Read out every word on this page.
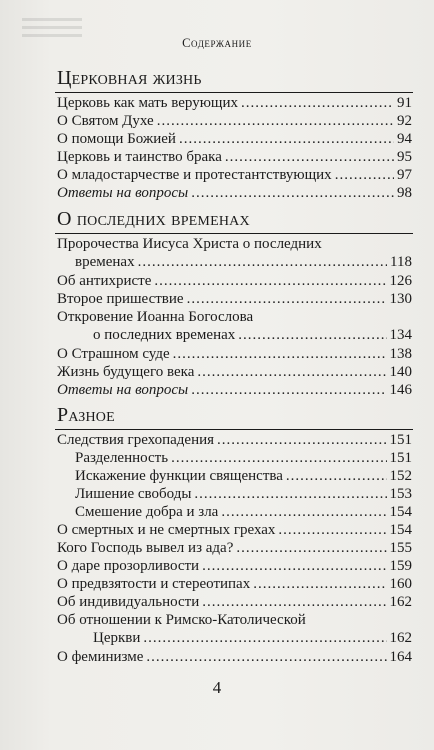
Содержание
Церковная жизнь
Церковь как мать верующих .....	91
О Святом Духе .....	92
О помощи Божией .....	94
Церковь и таинство брака .....	95
О младостарчестве и протестантствующих .....	97
Ответы на вопросы .....	98
О последних временах
Пророчества Иисуса Христа о последних
временах .....	118
Об антихристе .....	126
Второе пришествие .....	130
Откровение Иоанна Богослова
о последних временах .....	134
О Страшном суде .....	138
Жизнь будущего века .....	140
Ответы на вопросы .....	146
Разное
Следствия грехопадения .....	151
Разделенность .....	151
Искажение функции священства .....	152
Лишение свободы .....	153
Смешение добра и зла .....	154
О смертных и не смертных грехах .....	154
Кого Господь вывел из ада? .....	155
О даре прозорливости .....	159
О предвзятости и стереотипах .....	160
Об индивидуальности .....	162
Об отношении к Римско-Католической
Церкви .....	162
О феминизме .....	164
4
